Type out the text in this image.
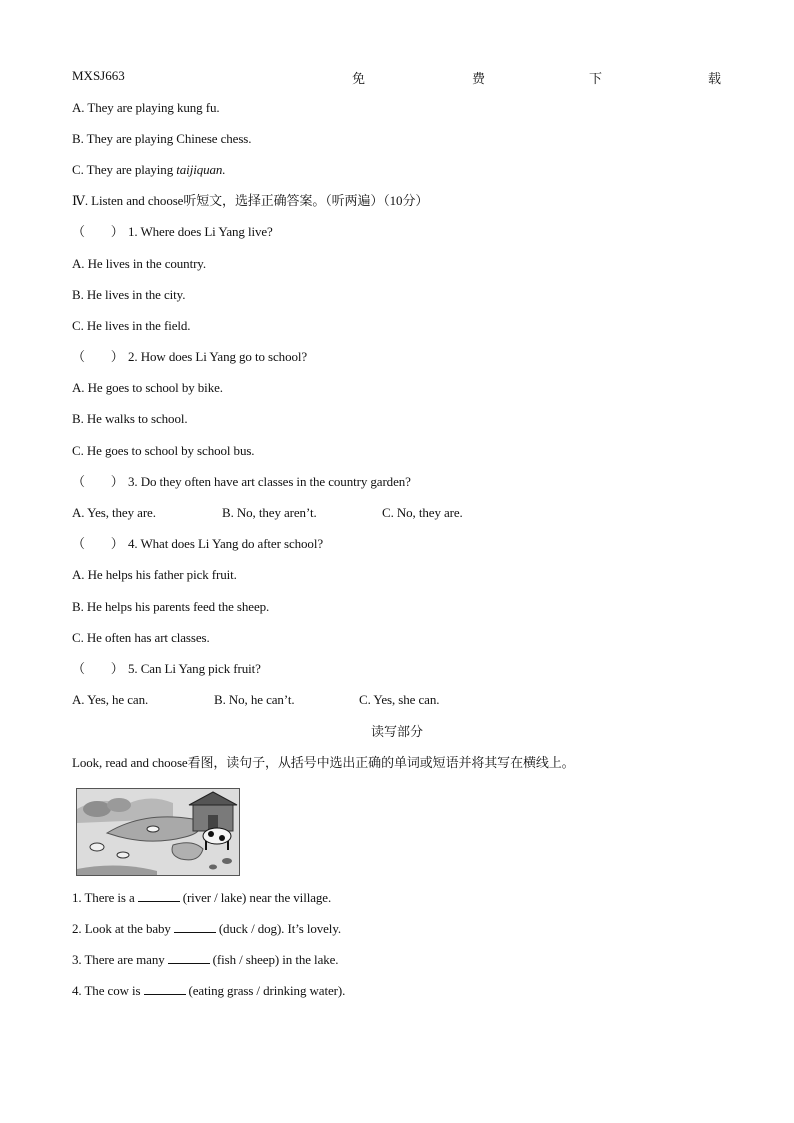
MXSJ663	免	费	下	载
A. They are playing kung fu.
B. They are playing Chinese chess.
C. They are playing taijiquan.
Ⅳ. Listen and choose听短文，选择正确答案。（听两遍）（10分）
（　　） 1. Where does Li Yang live?
A. He lives in the country.
B. He lives in the city.
C. He lives in the field.
（　　） 2. How does Li Yang go to school?
A. He goes to school by bike.
B. He walks to school.
C. He goes to school by school bus.
（　　） 3. Do they often have art classes in the country garden?
A. Yes, they are.	B. No, they aren’t.	C. No, they are.
（　　） 4. What does Li Yang do after school?
A. He helps his father pick fruit.
B. He helps his parents feed the sheep.
C. He often has art classes.
（　　） 5. Can Li Yang pick fruit?
A. Yes, he can.	B. No, he can’t.	C. Yes, she can.
读写部分
Look, read and choose看图，读句子，从括号中选出正确的单词或短语并将其写在横线上。
1. There is a	(river / lake) near the village.
2. Look at the baby	(duck / dog). It’s lovely.
3. There are many	(fish / sheep) in the lake.
4. The cow is	(eating grass / drinking water).
